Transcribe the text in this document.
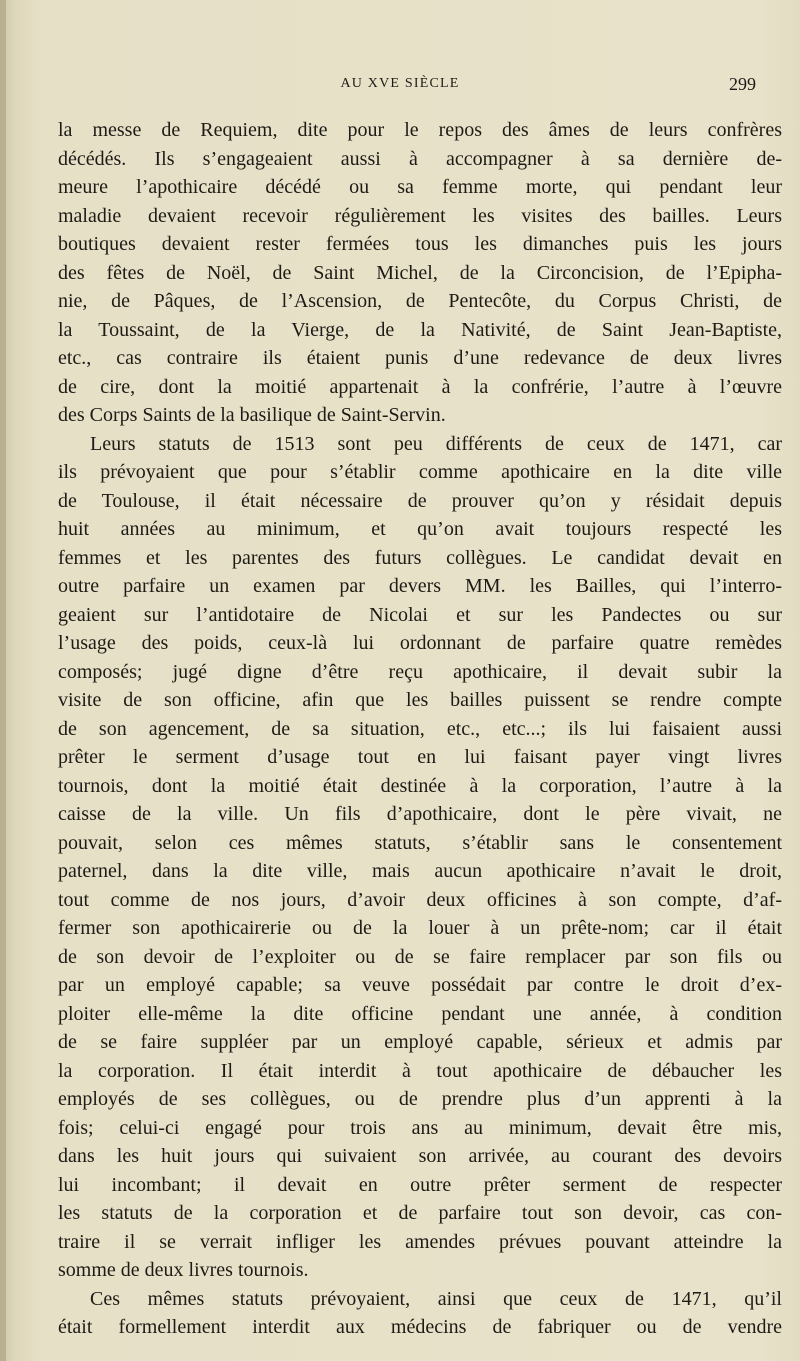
AU XVE SIÈCLE	299
la messe de Requiem, dite pour le repos des âmes de leurs confrères
décédés. Ils s’engageaient aussi à accompagner à sa dernière de-
meure l’apothicaire décédé ou sa femme morte, qui pendant leur
maladie devaient recevoir régulièrement les visites des bailles. Leurs
boutiques devaient rester fermées tous les dimanches puis les jours
des fêtes de Noël, de Saint Michel, de la Circoncision, de l’Epipha-
nie, de Pâques, de l’Ascension, de Pentecôte, du Corpus Christi, de
la Toussaint, de la Vierge, de la Nativité, de Saint Jean-Baptiste,
etc., cas contraire ils étaient punis d’une redevance de deux livres
de cire, dont la moitié appartenait à la confrérie, l’autre à l’œuvre
des Corps Saints de la basilique de Saint-Servin.
Leurs statuts de 1513 sont peu différents de ceux de 1471, car
ils prévoyaient que pour s’établir comme apothicaire en la dite ville
de Toulouse, il était nécessaire de prouver qu’on y résidait depuis
huit années au minimum, et qu’on avait toujours respecté les
femmes et les parentes des futurs collègues. Le candidat devait en
outre parfaire un examen par devers MM. les Bailles, qui l’interro-
geaient sur l’antidotaire de Nicolai et sur les Pandectes ou sur
l’usage des poids, ceux-là lui ordonnant de parfaire quatre remèdes
composés; jugé digne d’être reçu apothicaire, il devait subir la
visite de son officine, afin que les bailles puissent se rendre compte
de son agencement, de sa situation, etc., etc...; ils lui faisaient aussi
prêter le serment d’usage tout en lui faisant payer vingt livres
tournois, dont la moitié était destinée à la corporation, l’autre à la
caisse de la ville. Un fils d’apothicaire, dont le père vivait, ne
pouvait, selon ces mêmes statuts, s’établir sans le consentement
paternel, dans la dite ville, mais aucun apothicaire n’avait le droit,
tout comme de nos jours, d’avoir deux officines à son compte, d’af-
fermer son apothicairerie ou de la louer à un prête-nom; car il était
de son devoir de l’exploiter ou de se faire remplacer par son fils ou
par un employé capable; sa veuve possédait par contre le droit d’ex-
ploiter elle-même la dite officine pendant une année, à condition
de se faire suppléer par un employé capable, sérieux et admis par
la corporation. Il était interdit à tout apothicaire de débaucher les
employés de ses collègues, ou de prendre plus d’un apprenti à la
fois; celui-ci engagé pour trois ans au minimum, devait être mis,
dans les huit jours qui suivaient son arrivée, au courant des devoirs
lui incombant; il devait en outre prêter serment de respecter
les statuts de la corporation et de parfaire tout son devoir, cas con-
traire il se verrait infliger les amendes prévues pouvant atteindre la
somme de deux livres tournois.
Ces mêmes statuts prévoyaient, ainsi que ceux de 1471, qu’il
était formellement interdit aux médecins de fabriquer ou de vendre
